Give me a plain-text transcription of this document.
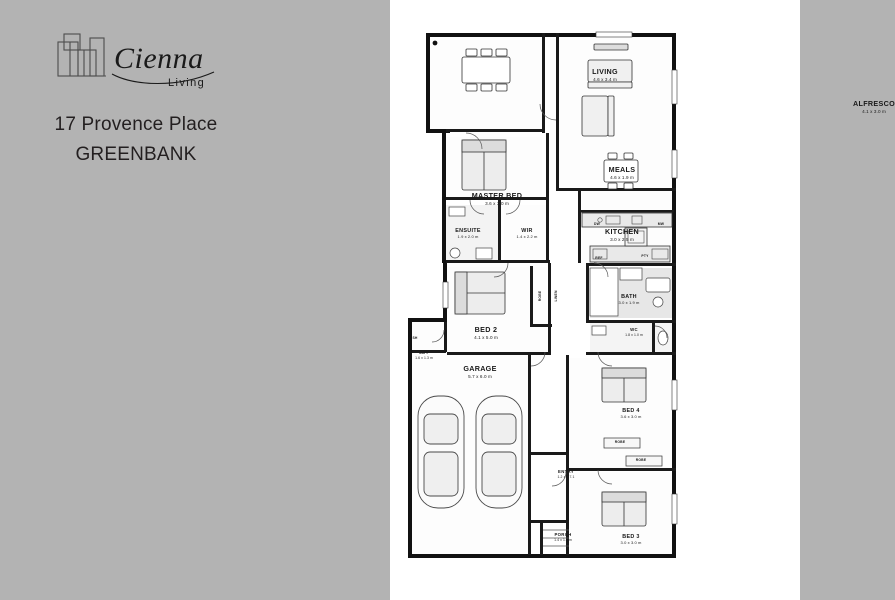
Cienna
Living
17 Provence Place
GREENBANK
ALFRESCO
4.1 x 3.0 m
LIVING
4.6 x 3.4 m
MEALS
4.6 x 1.9 m
KITCHEN
3.0 x 2.5 m
MASTER BED
3.6 x 3.0 m
ENSUITE
1.9 x 2.0 m
WIR
1.4 x 2.2 m
BATH
3.0 x 1.9 m
WC
1.8 x 1.0 m
BED 2
4.1 x 5.0 m
BED 4
3.6 x 3.0 m
BED 3
3.0 x 3.0 m
LDY
1.6 x 1.3 m
GARAGE
5.7 x 6.0 m
ENTRY
1.2 x 1.7.1
PORCH
1.4 x 1.2 m
ROBE	LINEN
ROBE
ROBE
DW
PTY
REF
MW
SH
